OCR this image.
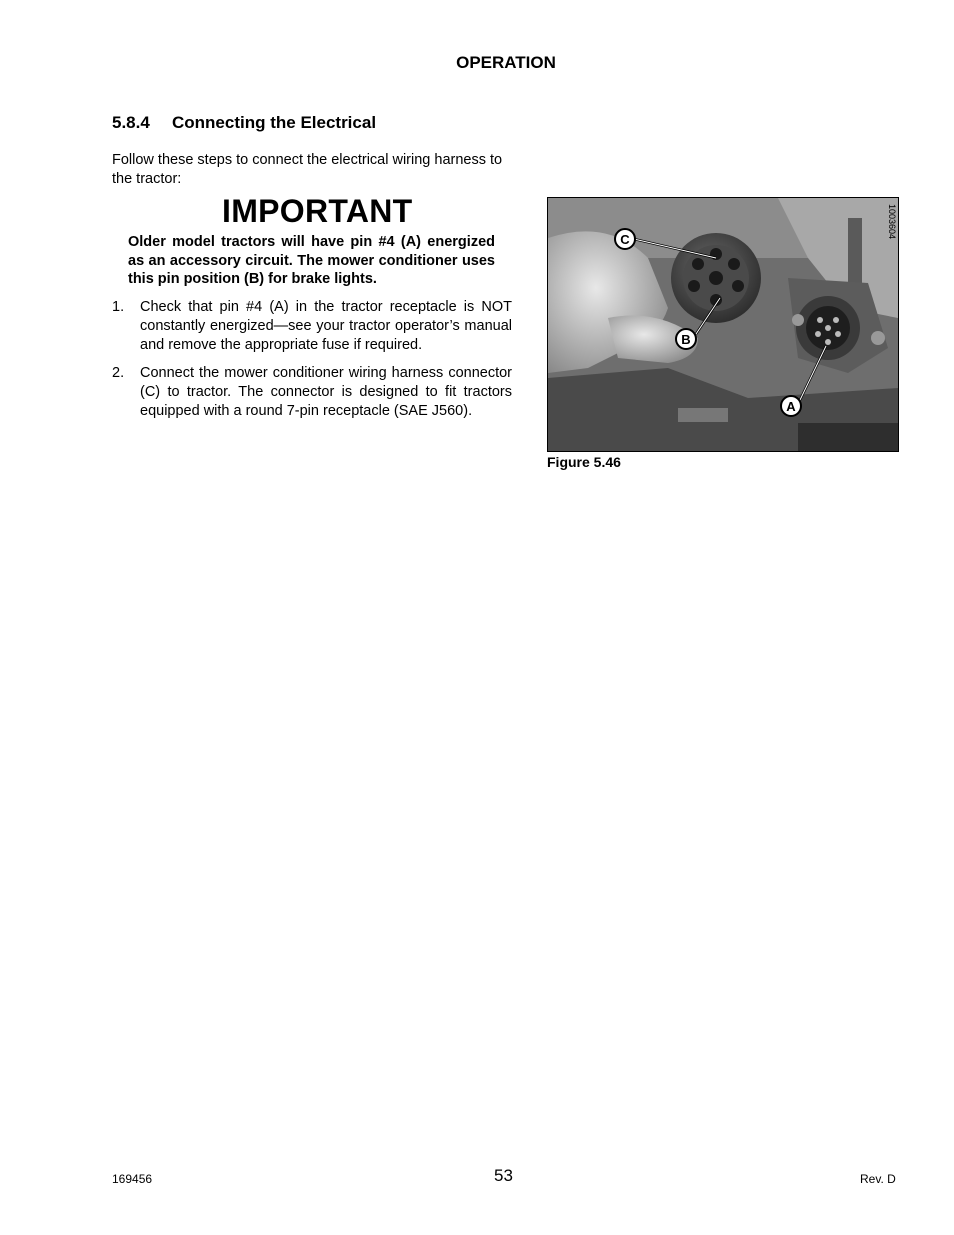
OPERATION
5.8.4 Connecting the Electrical
Follow these steps to connect the electrical wiring harness to the tractor:
IMPORTANT
Older model tractors will have pin #4 (A) energized as an accessory circuit. The mower conditioner uses this pin position (B) for brake lights.
1.	Check that pin #4 (A) in the tractor receptacle is NOT constantly energized—see your tractor operator’s manual and remove the appropriate fuse if required.
2.	Connect the mower conditioner wiring harness connector (C) to tractor. The connector is designed to fit tractors equipped with a round 7-pin receptacle (SAE J560).
1003604
C
B
A
Figure 5.46
169456	53	Rev. D
